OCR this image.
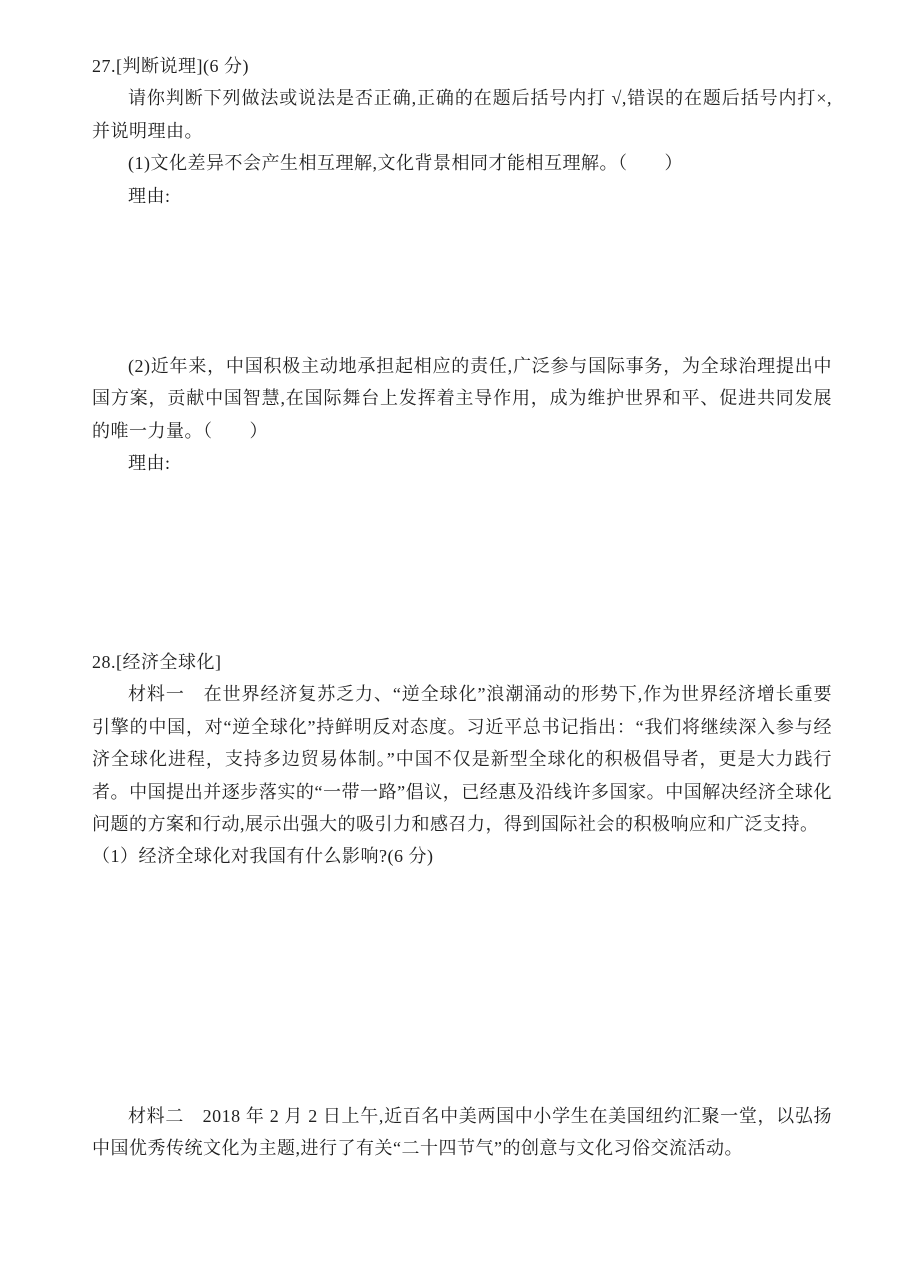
27.[判断说理](6 分)

请你判断下列做法或说法是否正确,正确的在题后括号内打 √,错误的在题后括号内打×,并说明理由。

(1)文化差异不会产生相互理解,文化背景相同才能相互理解。（　　）

理由:

(2)近年来，中国积极主动地承担起相应的责任,广泛参与国际事务，为全球治理提出中国方案，贡献中国智慧,在国际舞台上发挥着主导作用，成为维护世界和平、促进共同发展的唯一力量。（　　）

理由:

28.[经济全球化]

材料一　在世界经济复苏乏力、“逆全球化”浪潮涌动的形势下,作为世界经济增长重要引擎的中国，对“逆全球化”持鲜明反对态度。习近平总书记指出：“我们将继续深入参与经济全球化进程，支持多边贸易体制。”中国不仅是新型全球化的积极倡导者，更是大力践行者。中国提出并逐步落实的“一带一路”倡议，已经惠及沿线许多国家。中国解决经济全球化问题的方案和行动,展示出强大的吸引力和感召力，得到国际社会的积极响应和广泛支持。

（1）经济全球化对我国有什么影响?(6 分)

材料二　2018 年 2 月 2 日上午,近百名中美两国中小学生在美国纽约汇聚一堂，以弘扬中国优秀传统文化为主题,进行了有关“二十四节气”的创意与文化习俗交流活动。
